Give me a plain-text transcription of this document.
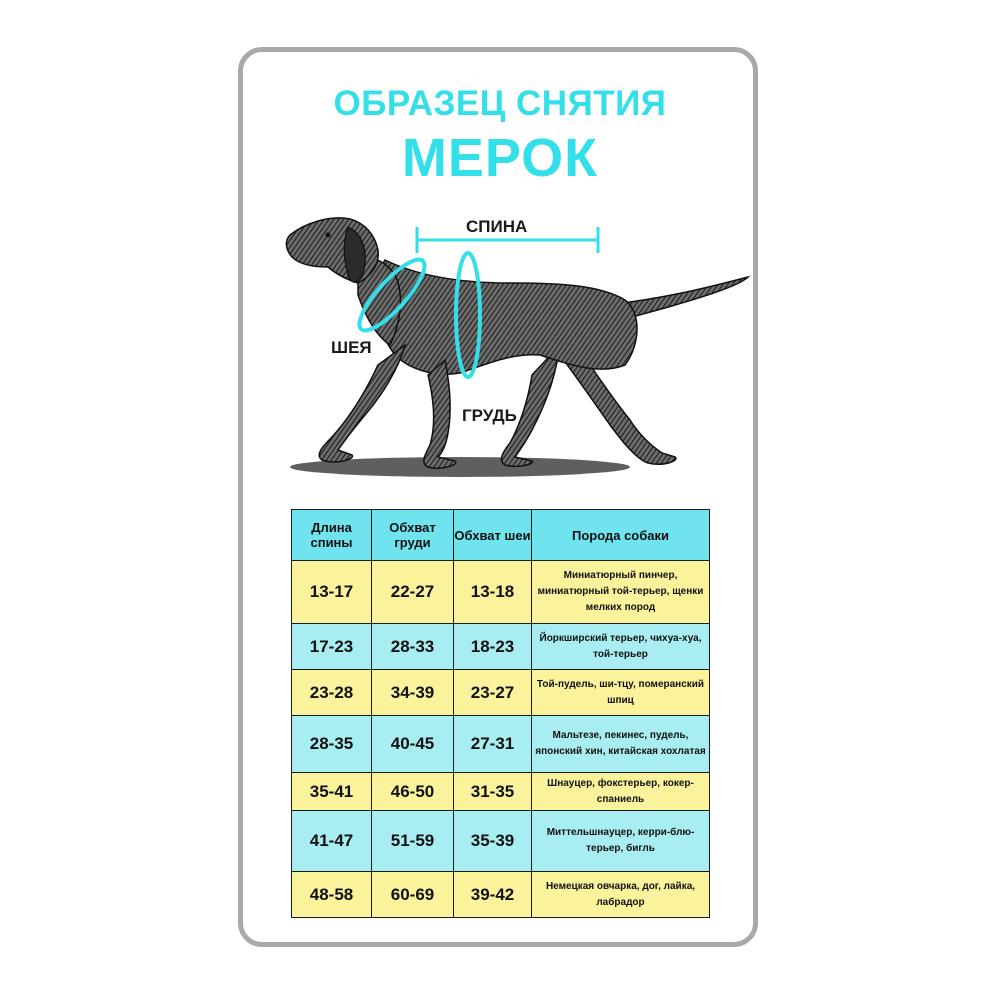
ОБРАЗЕЦ СНЯТИЯ
МЕРОК
СПИНА
ШЕЯ
ГРУДЬ
Длина спины	Обхват груди	Обхват шеи	Порода собаки
13-17	22-27	13-18	Миниатюрный пинчер, миниатюрный той-терьер, щенки мелких пород
17-23	28-33	18-23	Йоркширский терьер, чихуа-хуа, той-терьер
23-28	34-39	23-27	Той-пудель, ши-тцу, померанский шпиц
28-35	40-45	27-31	Мальтезе, пекинес, пудель, японский хин, китайская хохлатая
35-41	46-50	31-35	Шнауцер, фокстерьер, кокер-спаниель
41-47	51-59	35-39	Миттельшнауцер, керри-блю-терьер, бигль
48-58	60-69	39-42	Немецкая овчарка, дог, лайка, лабрадор
